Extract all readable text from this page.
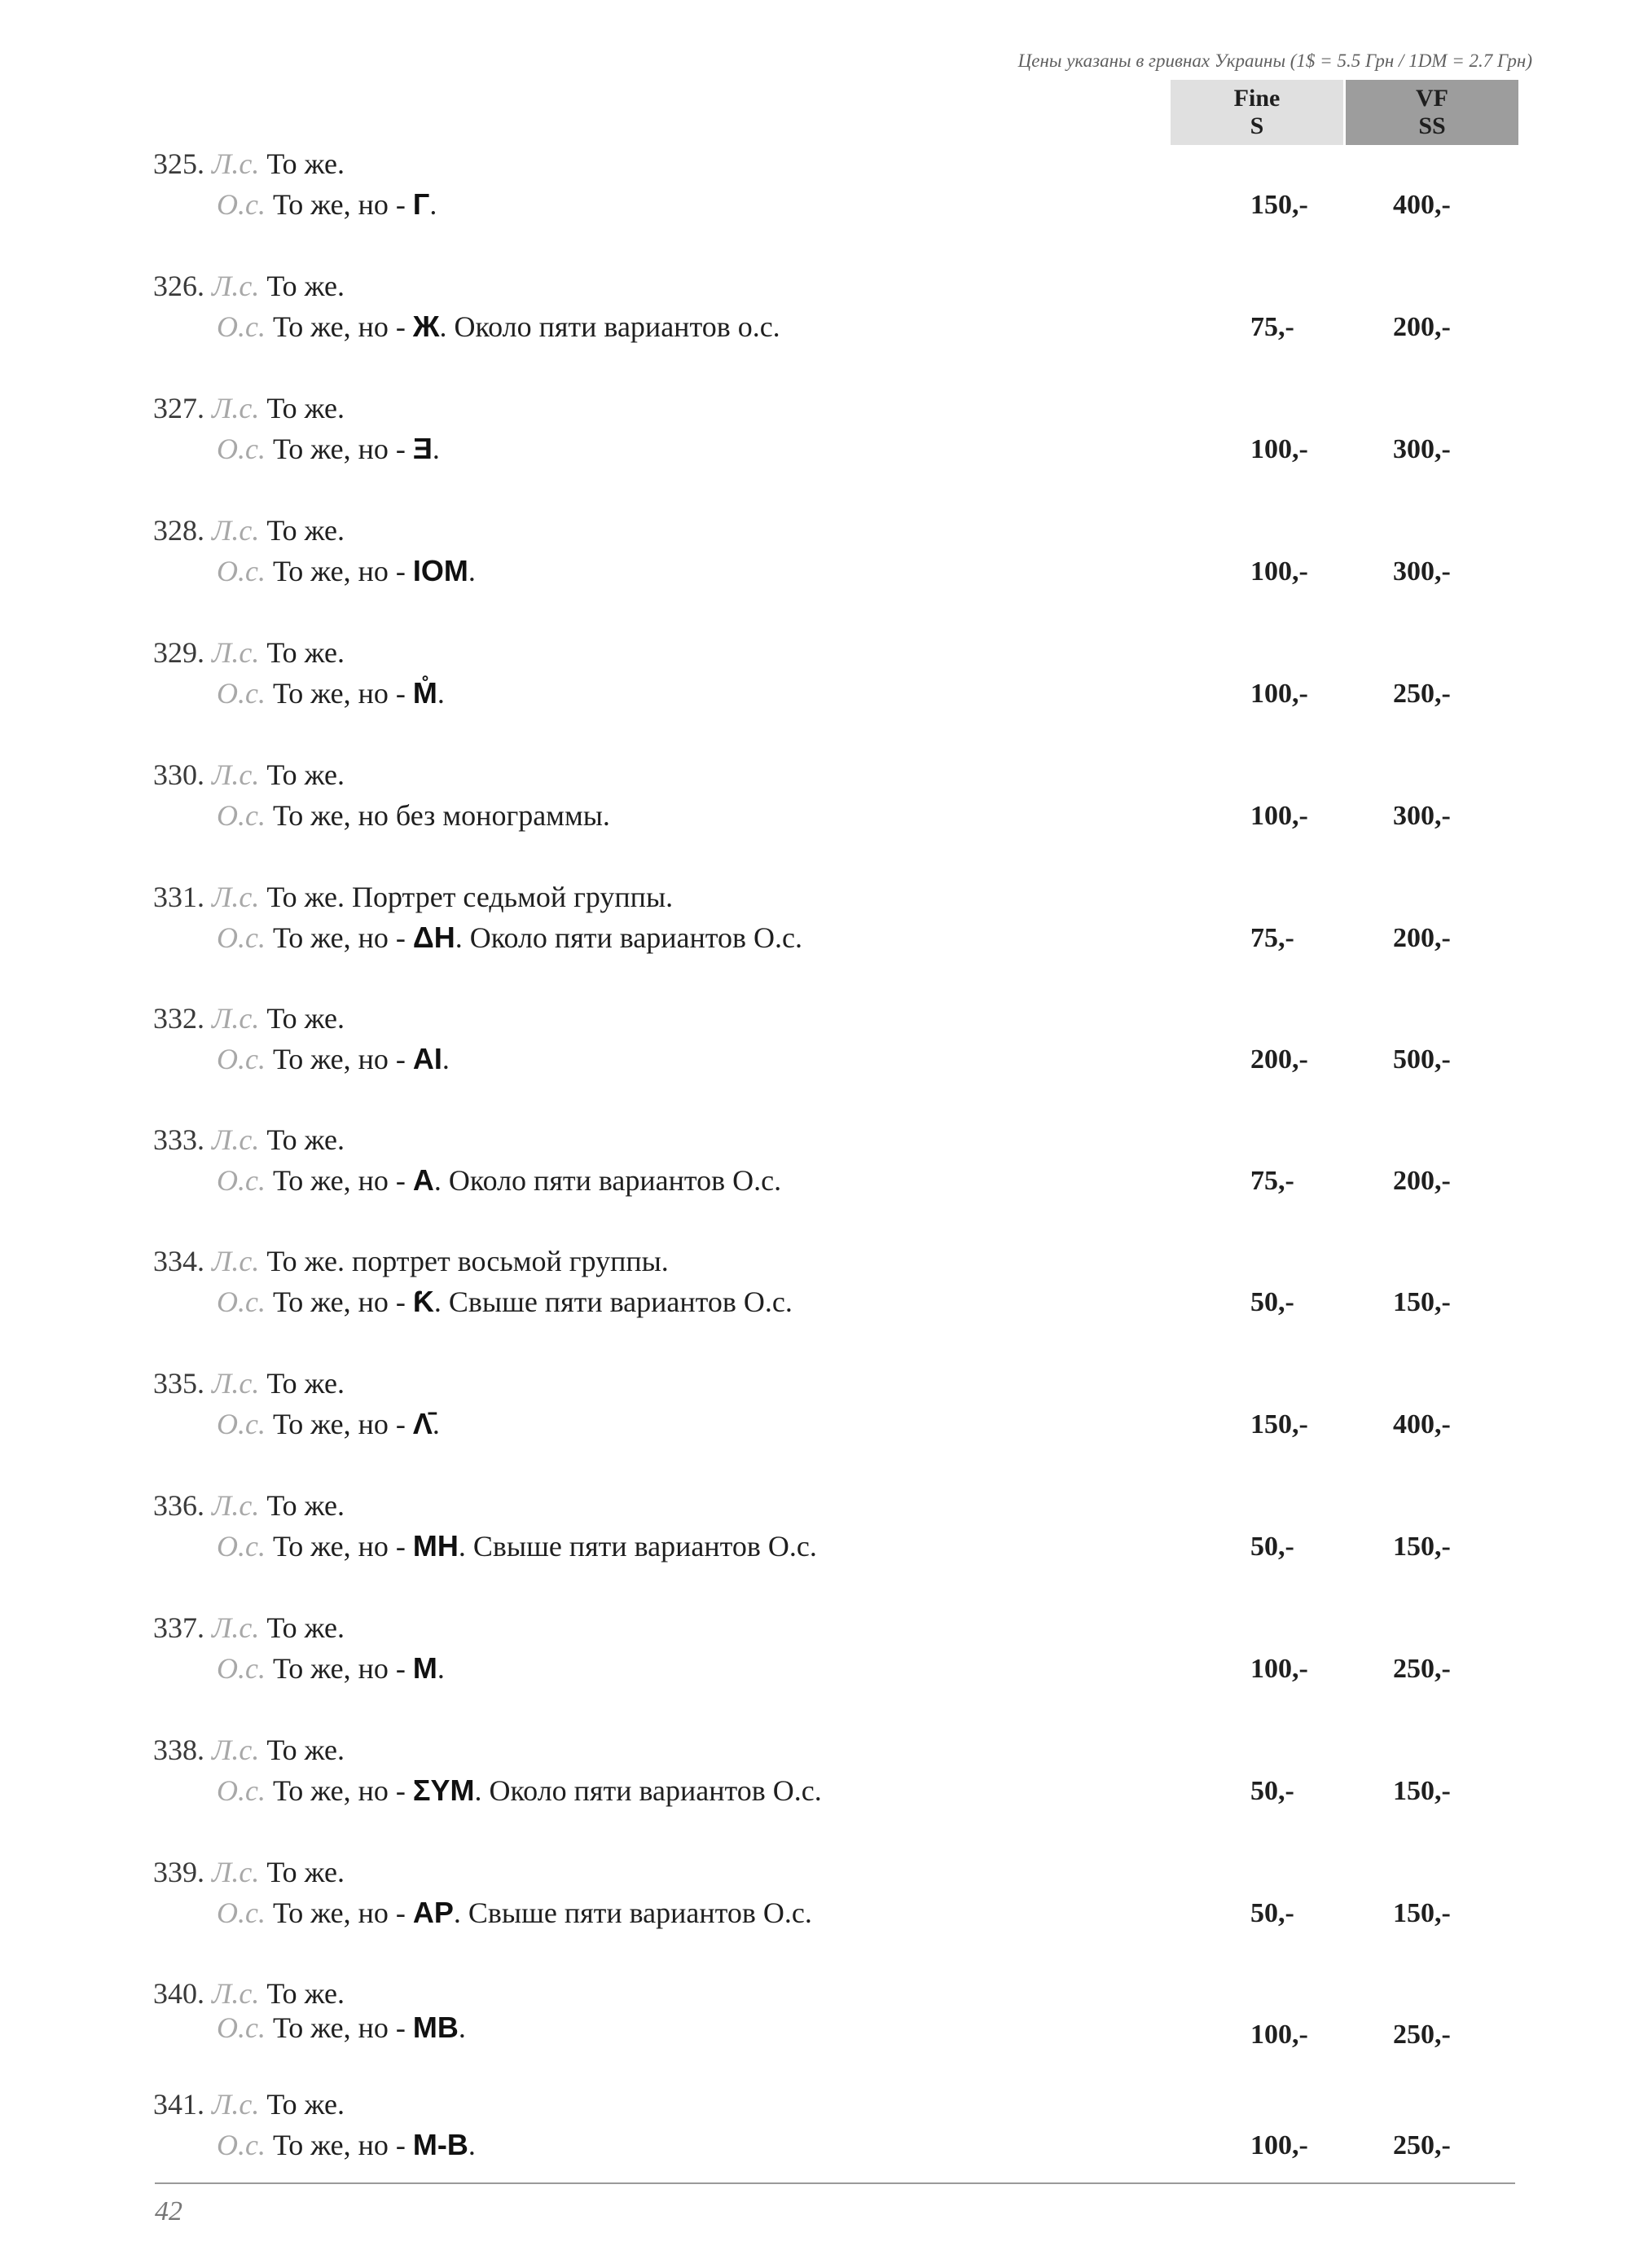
Цены указаны в гривнах Украины (1$ = 5.5 Грн / 1DM = 2.7 Грн)
Fine
S
VF
SS
325. Л.с. То же.
О.с. То же, но - Г.	150,-	400,-
326. Л.с. То же.
О.с. То же, но - Ж. Около пяти вариантов о.с.	75,-	200,-
327. Л.с. То же.
О.с. То же, но - Ǝ.	100,-	300,-
328. Л.с. То же.
О.с. То же, но - IOM.	100,-	300,-
329. Л.с. То же.
О.с. То же, но - M̊.	100,-	250,-
330. Л.с. То же.
О.с. То же, но без монограммы.	100,-	300,-
331. Л.с. То же. Портрет седьмой группы.
О.с. То же, но - ΔΗ. Около пяти вариантов О.с.	75,-	200,-
332. Л.с. То же.
О.с. То же, но - ΑΙ.	200,-	500,-
333. Л.с. То же.
О.с. То же, но - Α. Около пяти вариантов О.с.	75,-	200,-
334. Л.с. То же. портрет восьмой группы.
О.с. То же, но - Ƙ. Свыше пяти вариантов О.с.	50,-	150,-
335. Л.с. То же.
О.с. То же, но - Λ̄.	150,-	400,-
336. Л.с. То же.
О.с. То же, но - MH. Свыше пяти вариантов О.с.	50,-	150,-
337. Л.с. То же.
О.с. То же, но - M.	100,-	250,-
338. Л.с. То же.
О.с. То же, но - ΣΥΜ. Около пяти вариантов О.с.	50,-	150,-
339. Л.с. То же.
О.с. То же, но - ΑΡ. Свыше пяти вариантов О.с.	50,-	150,-
340. Л.с. То же.
О.с. То же, но - MB.	100,-	250,-
341. Л.с. То же.
О.с. То же, но - M-B.	100,-	250,-
42
